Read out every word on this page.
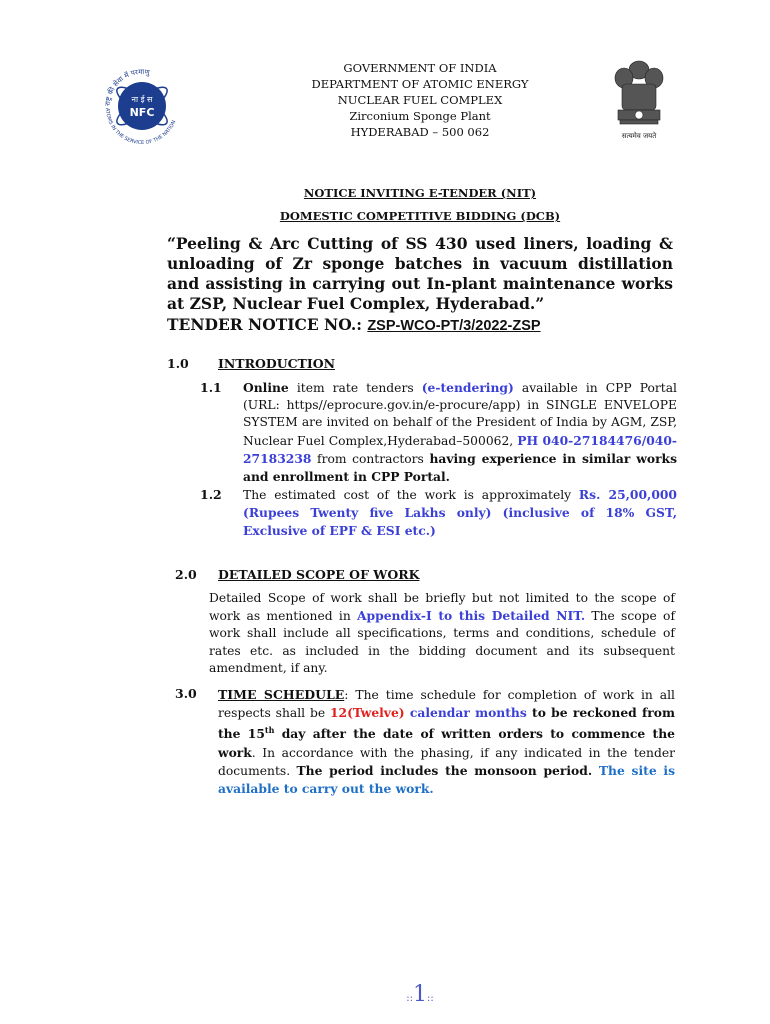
ना ई स
NFC
राष्ट्र की सेवा में परमाणु
ATOMS IN THE SERVICE OF THE NATION
GOVERNMENT OF INDIA
DEPARTMENT OF ATOMIC ENERGY
NUCLEAR FUEL COMPLEX
Zirconium Sponge Plant
HYDERABAD – 500 062	सत्यमेव जयते
NOTICE INVITING E-TENDER (NIT)
DOMESTIC COMPETITIVE BIDDING (DCB)
“Peeling & Arc Cutting of SS 430 used liners, loading & unloading of Zr sponge batches in vacuum distillation and assisting in carrying out In-plant maintenance works at ZSP, Nuclear Fuel Complex, Hyderabad.”
TENDER NOTICE NO.: ZSP-WCO-PT/3/2022-ZSP
1.0 INTRODUCTION
1.1 Online item rate tenders (e-tendering) available in CPP Portal (URL: https//eprocure.gov.in/e-procure/app) in SINGLE ENVELOPE SYSTEM are invited on behalf of the President of India by AGM, ZSP, Nuclear Fuel Complex,Hyderabad–500062, PH 040-27184476/040-27183238 from contractors having experience in similar works and enrollment in CPP Portal.
1.2 The estimated cost of the work is approximately Rs. 25,00,000 (Rupees Twenty five Lakhs only) (inclusive of 18% GST, Exclusive of EPF & ESI etc.)
2.0 DETAILED SCOPE OF WORK
Detailed Scope of work shall be briefly but not limited to the scope of work as mentioned in Appendix-I to this Detailed NIT. The scope of work shall include all specifications, terms and conditions, schedule of rates etc. as included in the bidding document and its subsequent amendment, if any.
3.0 TIME SCHEDULE: The time schedule for completion of work in all respects shall be 12(Twelve) calendar months to be reckoned from the 15th day after the date of written orders to commence the work. In accordance with the phasing, if any indicated in the tender documents. The period includes the monsoon period. The site is available to carry out the work.
::1::
